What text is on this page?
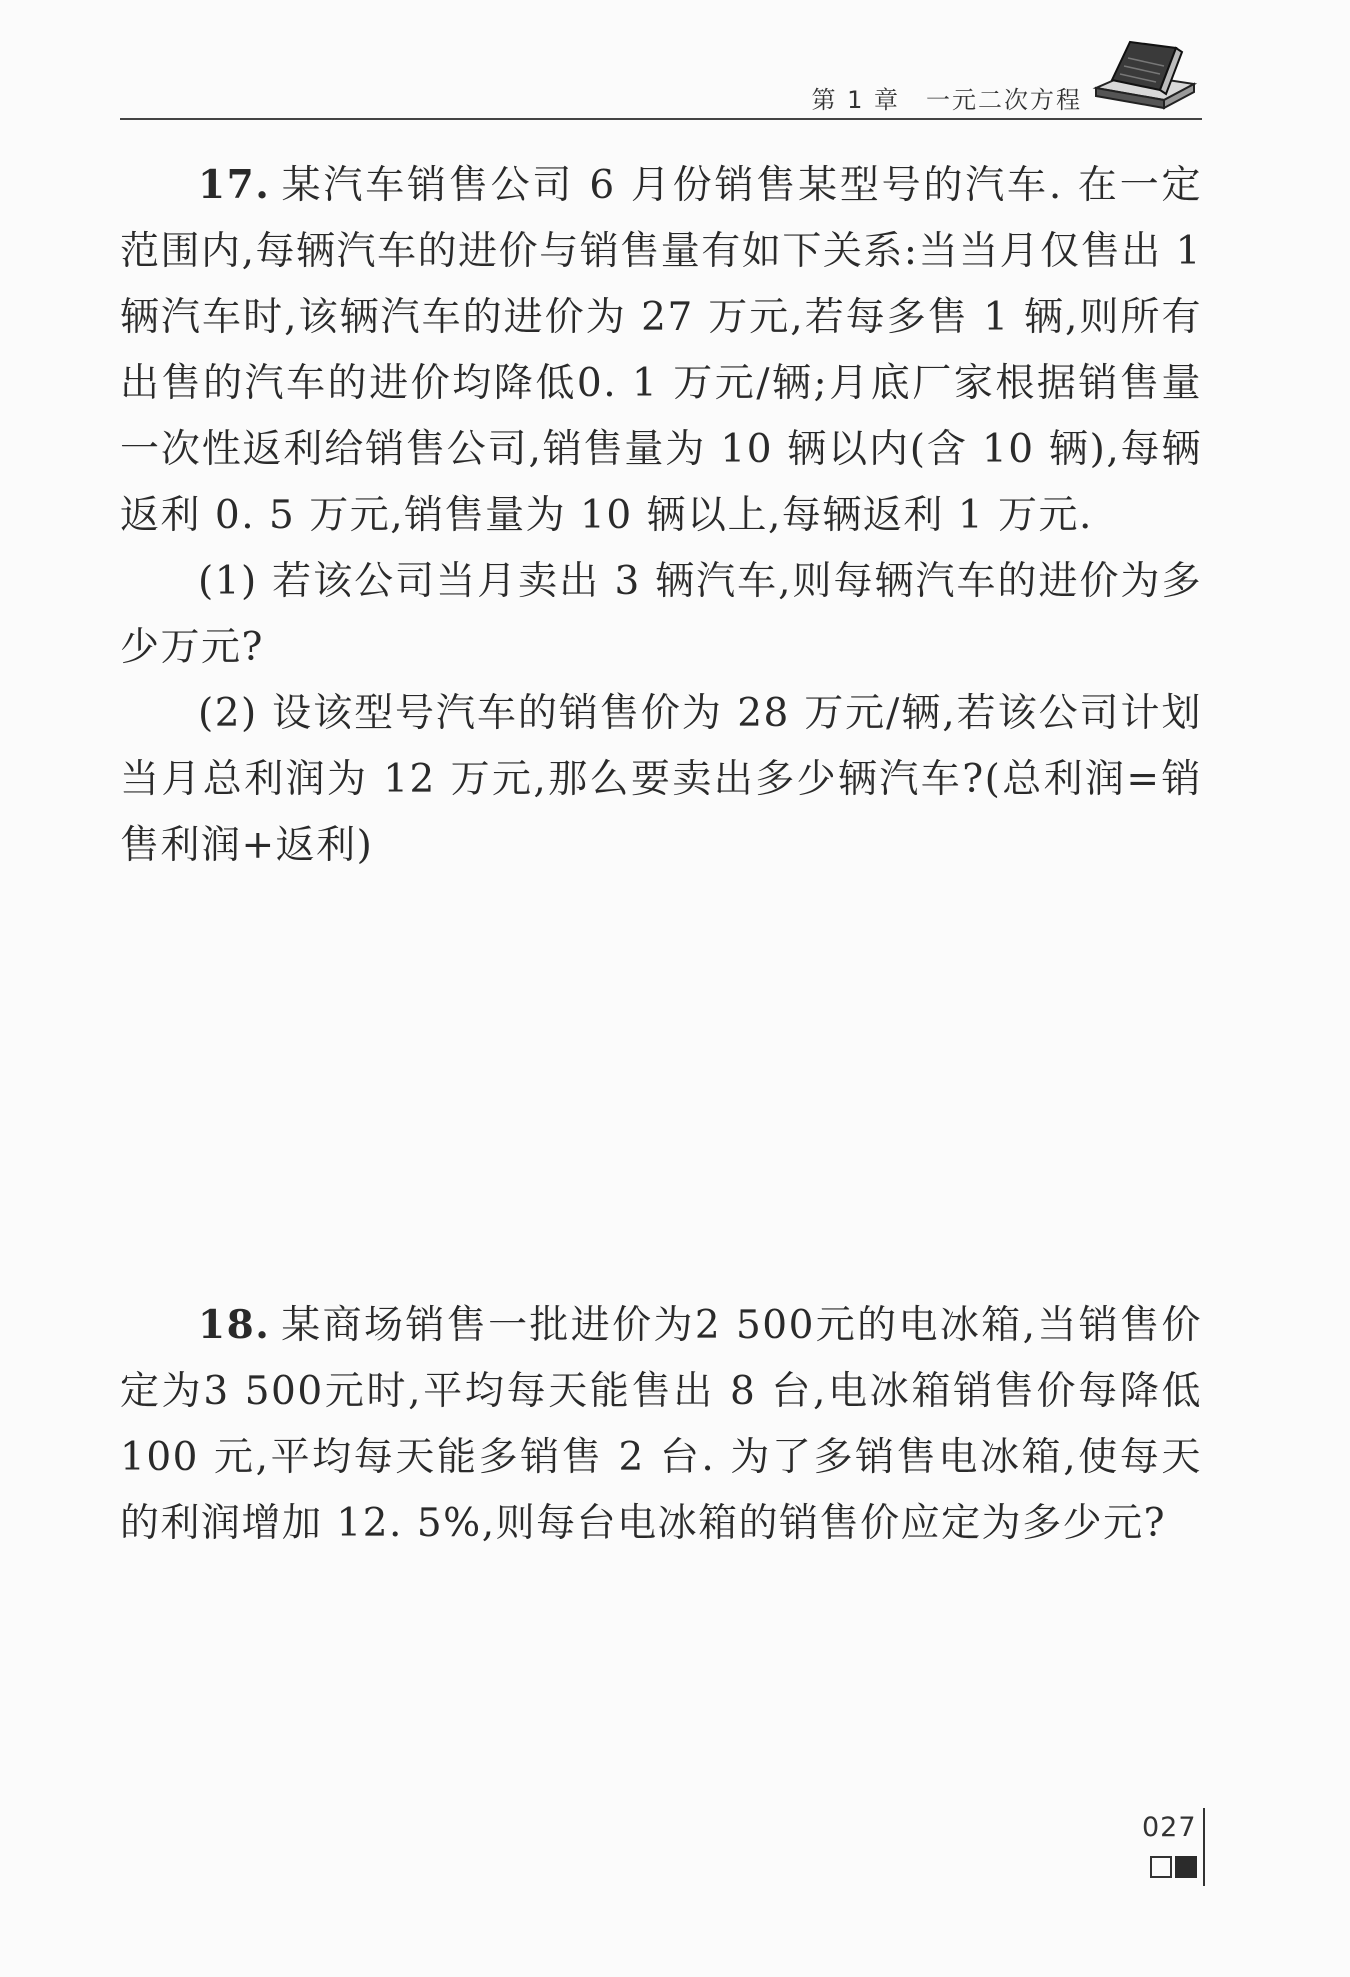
第 1 章 一元二次方程

17. 某汽车销售公司 6 月份销售某型号的汽车. 在一定范围内,每辆汽车的进价与销售量有如下关系:当当月仅售出 1 辆汽车时,该辆汽车的进价为 27 万元,若每多售 1 辆,则所有出售的汽车的进价均降低0. 1 万元/辆;月底厂家根据销售量一次性返利给销售公司,销售量为 10 辆以内(含 10 辆),每辆返利 0. 5 万元,销售量为 10 辆以上,每辆返利 1 万元.

(1) 若该公司当月卖出 3 辆汽车,则每辆汽车的进价为多少万元?

(2) 设该型号汽车的销售价为 28 万元/辆,若该公司计划当月总利润为 12 万元,那么要卖出多少辆汽车?(总利润=销售利润+返利)

18. 某商场销售一批进价为2 500元的电冰箱,当销售价定为3 500元时,平均每天能售出 8 台,电冰箱销售价每降低 100 元,平均每天能多销售 2 台. 为了多销售电冰箱,使每天的利润增加 12. 5%,则每台电冰箱的销售价应定为多少元?

027
